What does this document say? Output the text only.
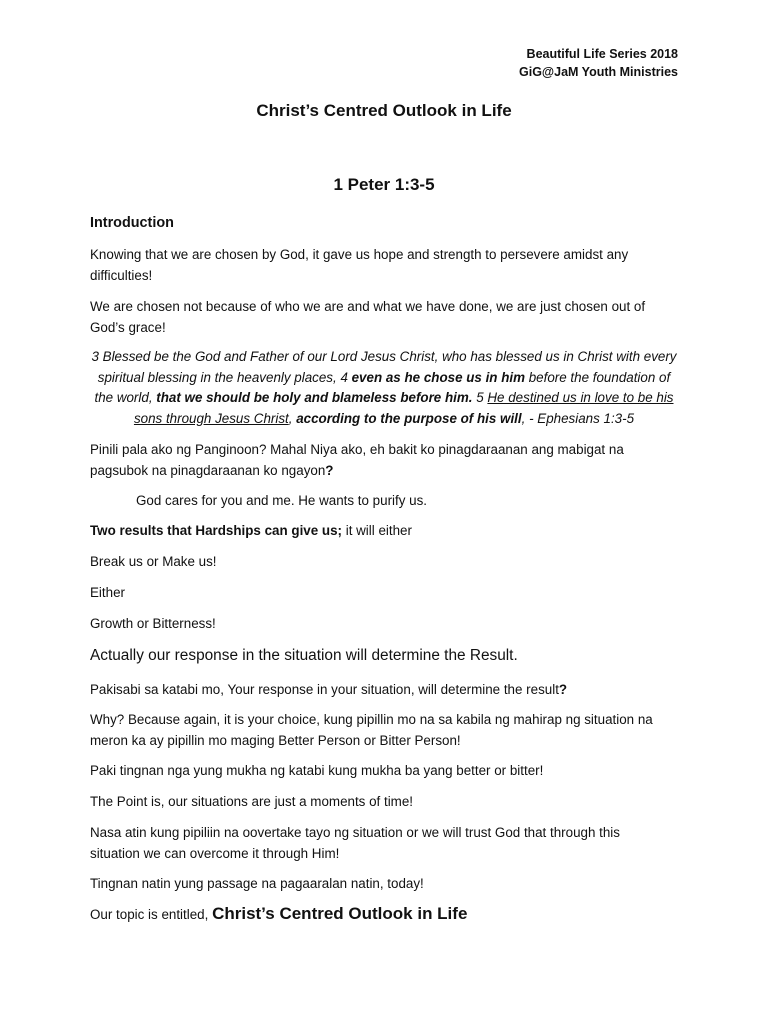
Beautiful Life Series 2018
GiG@JaM Youth Ministries
Christ’s Centred Outlook in Life
1 Peter 1:3-5
Introduction
Knowing that we are chosen by God, it gave us hope and strength to persevere amidst any difficulties!
We are chosen not because of who we are and what we have done, we are just chosen out of God’s grace!
3 Blessed be the God and Father of our Lord Jesus Christ, who has blessed us in Christ with every spiritual blessing in the heavenly places, 4 even as he chose us in him before the foundation of the world, that we should be holy and blameless before him. 5 He destined us in love to be his sons through Jesus Christ, according to the purpose of his will, - Ephesians 1:3-5
Pinili pala ako ng Panginoon? Mahal Niya ako, eh bakit ko pinagdaraanan ang mabigat na pagsubok na pinagdaraanan ko ngayon?
God cares for you and me. He wants to purify us.
Two results that Hardships can give us; it will either
Break us or Make us!
Either
Growth or Bitterness!
Actually our response in the situation will determine the Result.
Pakisabi sa katabi mo, Your response in your situation, will determine the result?
Why? Because again, it is your choice, kung pipillin mo na sa kabila ng mahirap ng situation na meron ka ay pipillin mo maging Better Person or Bitter Person!
Paki tingnan nga yung mukha ng katabi kung mukha ba yang better or bitter!
The Point is, our situations are just a moments of time!
Nasa atin kung pipiliin na oovertake tayo ng situation or we will trust God that through this situation we can overcome it through Him!
Tingnan natin yung passage na pagaaralan natin, today!
Our topic is entitled, Christ’s Centred Outlook in Life
